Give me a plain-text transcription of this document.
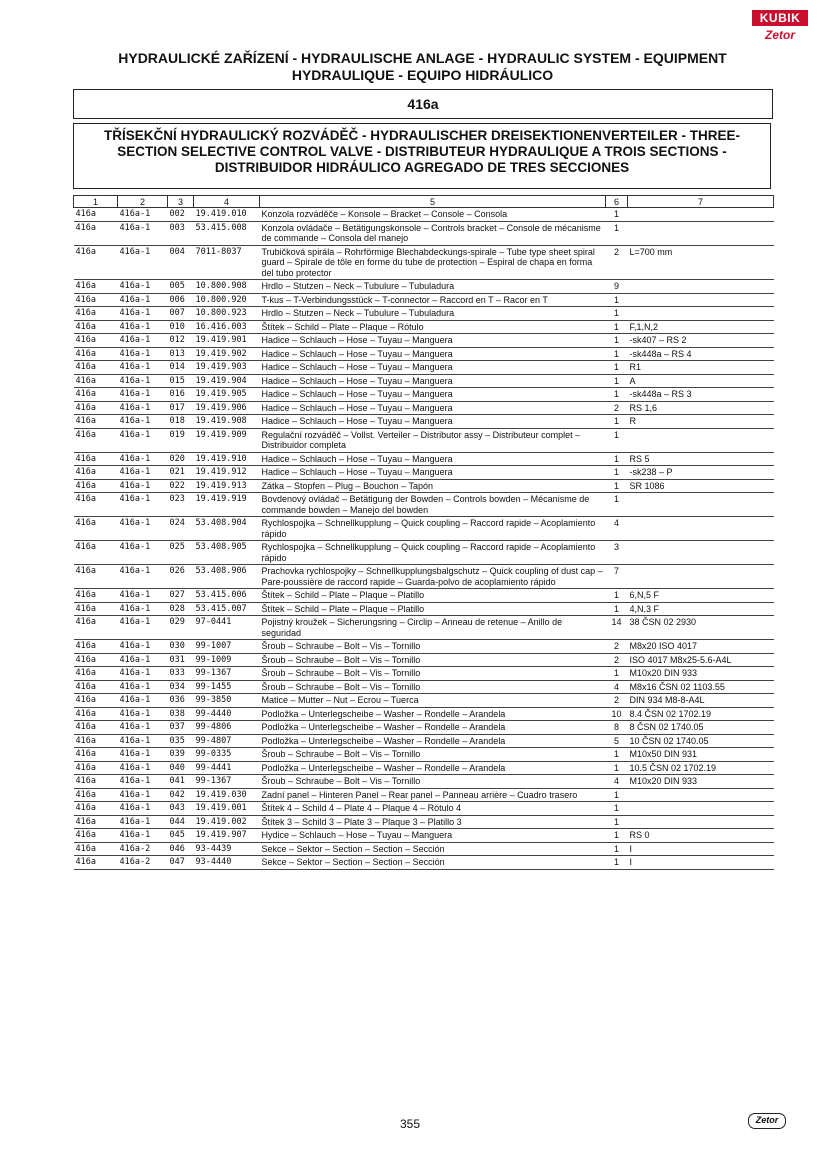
HYDRAULICKÉ ZAŘÍZENÍ - HYDRAULISCHE ANLAGE - HYDRAULIC SYSTEM - EQUIPMENT
HYDRAULIQUE - EQUIPO HIDRÁULICO
KUBIK
Zetor
416a
TŘÍSEKČNÍ HYDRAULICKÝ ROZVÁDĚČ - HYDRAULISCHER DREISEKTIONENVERTEILER - THREE-
SECTION SELECTIVE CONTROL VALVE - DISTRIBUTEUR HYDRAULIQUE A TROIS SECTIONS -
DISTRIBUIDOR HIDRÁULICO AGREGADO DE TRES SECCIONES
1	2	3	4	5	6	7
416a	416a-1	002	19.419.010	Konzola rozváděče – Konsole – Bracket – Console – Consola	1	
416a	416a-1	003	53.415.008	Konzola ovládače – Betätigungskonsole – Controls bracket – Console de mécanisme de commande – Consola del manejo	1	
416a	416a-1	004	7011-8037	Trubičková spirála – Rohrförmige Blechabdeckungs-spirale – Tube type sheet spiral guard – Spirale de tôle en forme du tube de protection – Espiral de chapa en forma del tubo protector	2	L=700 mm
416a	416a-1	005	10.800.908	Hrdlo – Stutzen – Neck – Tubulure – Tubuladura	9	
416a	416a-1	006	10.800.920	T-kus – T-Verbindungsstück – T-connector – Raccord en T – Racor en T	1	
416a	416a-1	007	10.800.923	Hrdlo – Stutzen – Neck – Tubulure – Tubuladura	1	
416a	416a-1	010	16.416.003	Štítek – Schild – Plate – Plaque – Rótulo	1	F,1,N,2
416a	416a-1	012	19.419.901	Hadice – Schlauch – Hose – Tuyau – Manguera	1	-sk407 – RS 2
416a	416a-1	013	19.419.902	Hadice – Schlauch – Hose – Tuyau – Manguera	1	-sk448a – RS 4
416a	416a-1	014	19.419.903	Hadice – Schlauch – Hose – Tuyau – Manguera	1	R1
416a	416a-1	015	19.419.904	Hadice – Schlauch – Hose – Tuyau – Manguera	1	A
416a	416a-1	016	19.419.905	Hadice – Schlauch – Hose – Tuyau – Manguera	1	-sk448a – RS 3
416a	416a-1	017	19.419.906	Hadice – Schlauch – Hose – Tuyau – Manguera	2	RS 1,6
416a	416a-1	018	19.419.908	Hadice – Schlauch – Hose – Tuyau – Manguera	1	R
416a	416a-1	019	19.419.909	Regulační rozváděč – Vollst. Verteiler – Distributor assy – Distributeur complet – Distribuidor completa	1	
416a	416a-1	020	19.419.910	Hadice – Schlauch – Hose – Tuyau – Manguera	1	RS 5
416a	416a-1	021	19.419.912	Hadice – Schlauch – Hose – Tuyau – Manguera	1	-sk238 – P
416a	416a-1	022	19.419.913	Zátka – Stopfen – Plug – Bouchon – Tapón	1	SR 1086
416a	416a-1	023	19.419.919	Bovdenový ovládač – Betätigung der Bowden – Controls bowden – Mécanisme de commande bowden – Manejo del bowden	1	
416a	416a-1	024	53.408.904	Rychlospojka – Schnellkupplung – Quick coupling – Raccord rapide – Acoplamiento rápido	4	
416a	416a-1	025	53.408.905	Rychlospojka – Schnellkupplung – Quick coupling – Raccord rapide – Acoplamiento rápido	3	
416a	416a-1	026	53.408.906	Prachovka rychlospojky – Schnellkupplungsbalgschutz – Quick coupling of dust cap – Pare-poussière de raccord rapide – Guarda-polvo de acoplamiento rápido	7	
416a	416a-1	027	53.415.006	Štítek – Schild – Plate – Plaque – Platillo	1	6,N,5 F
416a	416a-1	028	53.415.007	Štítek – Schild – Plate – Plaque – Platillo	1	4,N,3 F
416a	416a-1	029	97-0441	Pojistný kroužek – Sicherungsring – Circlip – Anneau de retenue – Anillo de seguridad	14	38 ČSN 02 2930
416a	416a-1	030	99-1007	Šroub – Schraube – Bolt – Vis – Tornillo	2	M8x20 ISO 4017
416a	416a-1	031	99-1009	Šroub – Schraube – Bolt – Vis – Tornillo	2	ISO 4017 M8x25-5.6-A4L
416a	416a-1	033	99-1367	Šroub – Schraube – Bolt – Vis – Tornillo	1	M10x20 DIN 933
416a	416a-1	034	99-1455	Šroub – Schraube – Bolt – Vis – Tornillo	4	M8x16 ČSN 02 1103.55
416a	416a-1	036	99-3850	Matice – Mutter – Nut – Ecrou – Tuerca	2	DIN 934 M8-8-A4L
416a	416a-1	038	99-4440	Podložka – Unterlegscheibe – Washer – Rondelle – Arandela	10	8.4 ČSN 02 1702.19
416a	416a-1	037	99-4806	Podložka – Unterlegscheibe – Washer – Rondelle – Arandela	8	8 ČSN 02 1740.05
416a	416a-1	035	99-4807	Podložka – Unterlegscheibe – Washer – Rondelle – Arandela	5	10 ČSN 02 1740.05
416a	416a-1	039	99-0335	Šroub – Schraube – Bolt – Vis – Tornillo	1	M10x50 DIN 931
416a	416a-1	040	99-4441	Podložka – Unterlegscheibe – Washer – Rondelle – Arandela	1	10.5 ČSN 02 1702.19
416a	416a-1	041	99-1367	Šroub – Schraube – Bolt – Vis – Tornillo	4	M10x20 DIN 933
416a	416a-1	042	19.419.030	Zadní panel – Hinteren Panel – Rear panel – Panneau arrière – Cuadro trasero	1	
416a	416a-1	043	19.419.001	Štítek 4 – Schild 4 – Plate 4 – Plaque 4 – Rótulo 4	1	
416a	416a-1	044	19.419.002	Štítek 3 – Schild 3 – Plate 3 – Plaque 3 – Platillo 3	1	
416a	416a-1	045	19.419.907	Hydice – Schlauch – Hose – Tuyau – Manguera	1	RS 0
416a	416a-2	046	93-4439	Sekce – Sektor – Section – Section – Sección	1	I
416a	416a-2	047	93-4440	Sekce – Sektor – Section – Section – Sección	1	I
355	Zetor
